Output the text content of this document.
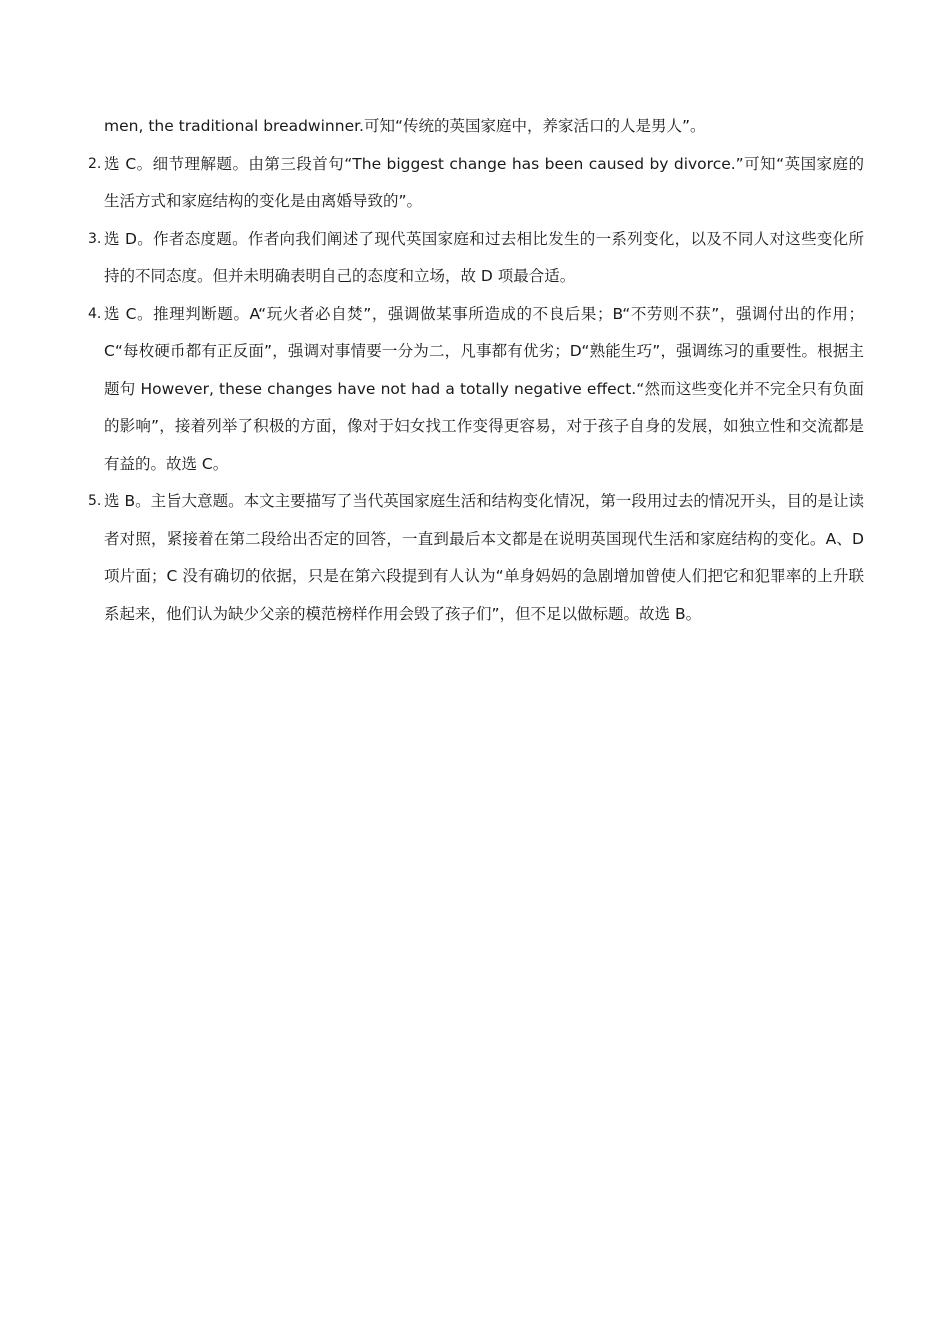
men, the traditional breadwinner.可知“传统的英国家庭中，养家活口的人是男人”。

2. 选 C。细节理解题。由第三段首句“The biggest change has been caused by divorce.”可知“英国家庭的生活方式和家庭结构的变化是由离婚导致的”。
3. 选 D。作者态度题。作者向我们阐述了现代英国家庭和过去相比发生的一系列变化，以及不同人对这些变化所持的不同态度。但并未明确表明自己的态度和立场，故 D 项最合适。
4. 选 C。推理判断题。A“玩火者必自焚”，强调做某事所造成的不良后果；B“不劳则不获”，强调付出的作用；C“每枚硬币都有正反面”，强调对事情要一分为二，凡事都有优劣；D“熟能生巧”，强调练习的重要性。根据主题句 However, these changes have not had a totally negative effect.“然而这些变化并不完全只有负面的影响”，接着列举了积极的方面，像对于妇女找工作变得更容易，对于孩子自身的发展，如独立性和交流都是有益的。故选 C。
5. 选 B。主旨大意题。本文主要描写了当代英国家庭生活和结构变化情况，第一段用过去的情况开头，目的是让读者对照，紧接着在第二段给出否定的回答，一直到最后本文都是在说明英国现代生活和家庭结构的变化。A、D 项片面；C 没有确切的依据，只是在第六段提到有人认为“单身妈妈的急剧增加曾使人们把它和犯罪率的上升联系起来，他们认为缺少父亲的模范榜样作用会毁了孩子们”，但不足以做标题。故选 B。
